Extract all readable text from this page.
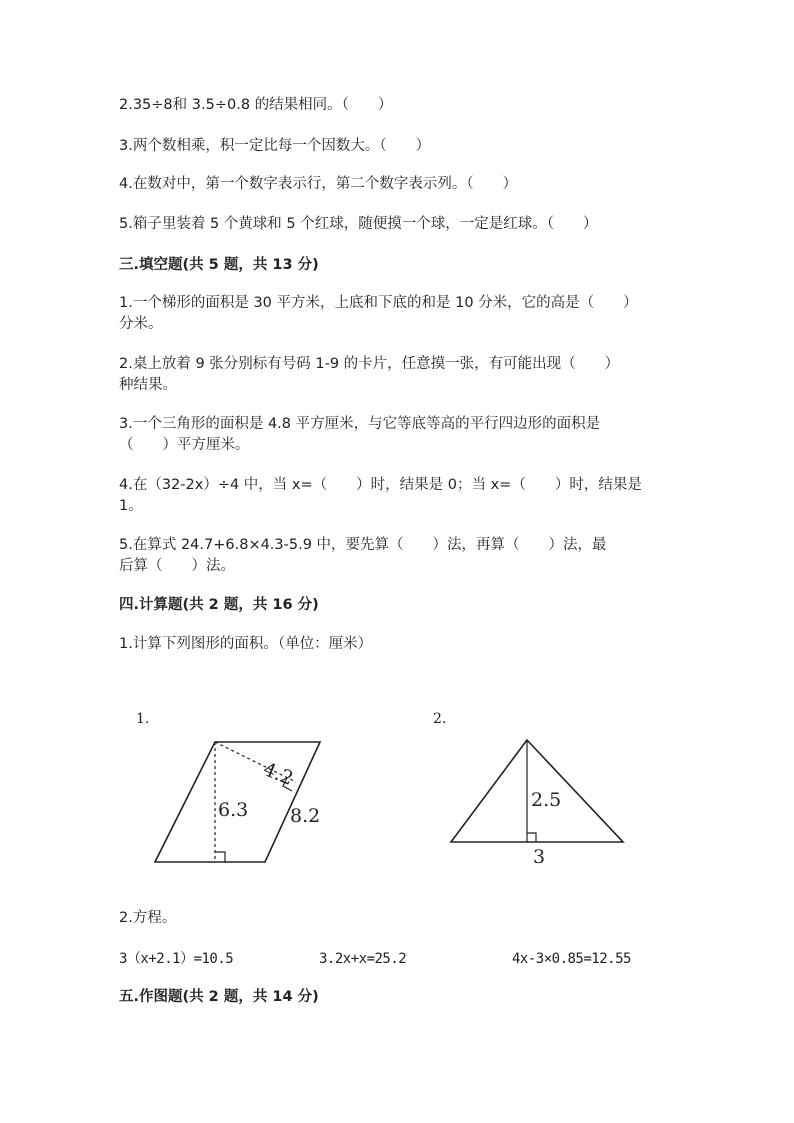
2.35÷8和 3.5÷0.8 的结果相同。（　　）
3.两个数相乘，积一定比每一个因数大。（　　）
4.在数对中，第一个数字表示行，第二个数字表示列。（　　）
5.箱子里装着 5 个黄球和 5 个红球，随便摸一个球，一定是红球。（　　）
三.填空题(共 5 题，共 13 分)
1.一个梯形的面积是 30 平方米，上底和下底的和是 10 分米，它的高是（　　）
分米。
2.桌上放着 9 张分别标有号码 1-9 的卡片，任意摸一张，有可能出现（　　）
种结果。
3.一个三角形的面积是 4.8 平方厘米，与它等底等高的平行四边形的面积是
（　　）平方厘米。
4.在（32-2x）÷4 中，当 x=（　　）时，结果是 0；当 x=（　　）时，结果是
1。
5.在算式 24.7+6.8×4.3-5.9 中，要先算（　　）法，再算（　　）法，最
后算（　　）法。
四.计算题(共 2 题，共 16 分)
1.计算下列图形的面积。（单位：厘米）
1.
4.2
6.3 8.2
2.
2.5
3
2.方程。
3（x+2.1）=10.5	3.2x+x=25.2	4x-3×0.85=12.55
五.作图题(共 2 题，共 14 分)
